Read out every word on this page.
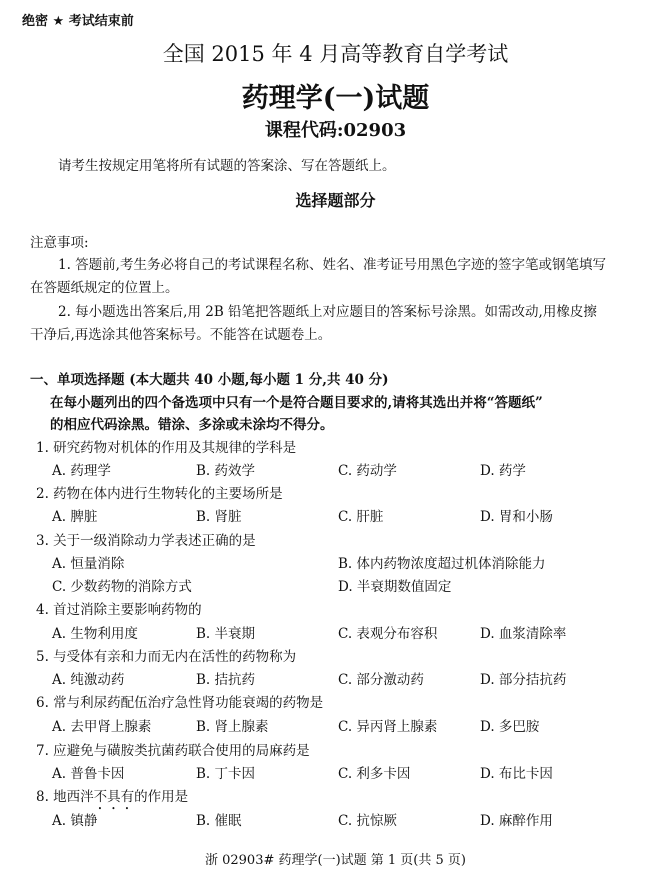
绝密 ★ 考试结束前
全国 2015 年 4 月高等教育自学考试
药理学(一)试题
课程代码:02903
请考生按规定用笔将所有试题的答案涂、写在答题纸上。
选择题部分
注意事项:
1. 答题前,考生务必将自己的考试课程名称、姓名、准考证号用黑色字迹的签字笔或钢笔填写
在答题纸规定的位置上。
2. 每小题选出答案后,用 2B 铅笔把答题纸上对应题目的答案标号涂黑。如需改动,用橡皮擦
干净后,再选涂其他答案标号。不能答在试题卷上。
一、单项选择题 (本大题共 40 小题,每小题 1 分,共 40 分)
在每小题列出的四个备选项中只有一个是符合题目要求的,请将其选出并将“答题纸”
的相应代码涂黑。错涂、多涂或未涂均不得分。
1. 研究药物对机体的作用及其规律的学科是
A. 药理学	B. 药效学	C. 药动学	D. 药学
2. 药物在体内进行生物转化的主要场所是
A. 脾脏	B. 肾脏	C. 肝脏	D. 胃和小肠
3. 关于一级消除动力学表述正确的是
A. 恒量消除	B. 体内药物浓度超过机体消除能力
C. 少数药物的消除方式	D. 半衰期数值固定
4. 首过消除主要影响药物的
A. 生物利用度	B. 半衰期	C. 表观分布容积	D. 血浆清除率
5. 与受体有亲和力而无内在活性的药物称为
A. 纯激动药	B. 拮抗药	C. 部分激动药	D. 部分拮抗药
6. 常与利尿药配伍治疗急性肾功能衰竭的药物是
A. 去甲肾上腺素	B. 肾上腺素	C. 异丙肾上腺素	D. 多巴胺
7. 应避免与磺胺类抗菌药联合使用的局麻药是
A. 普鲁卡因	B. 丁卡因	C. 利多卡因	D. 布比卡因
8. 地西泮不具有的作用是
A. 镇静	B. 催眠	C. 抗惊厥	D. 麻醉作用
浙 02903# 药理学(一)试题 第 1 页(共 5 页)
